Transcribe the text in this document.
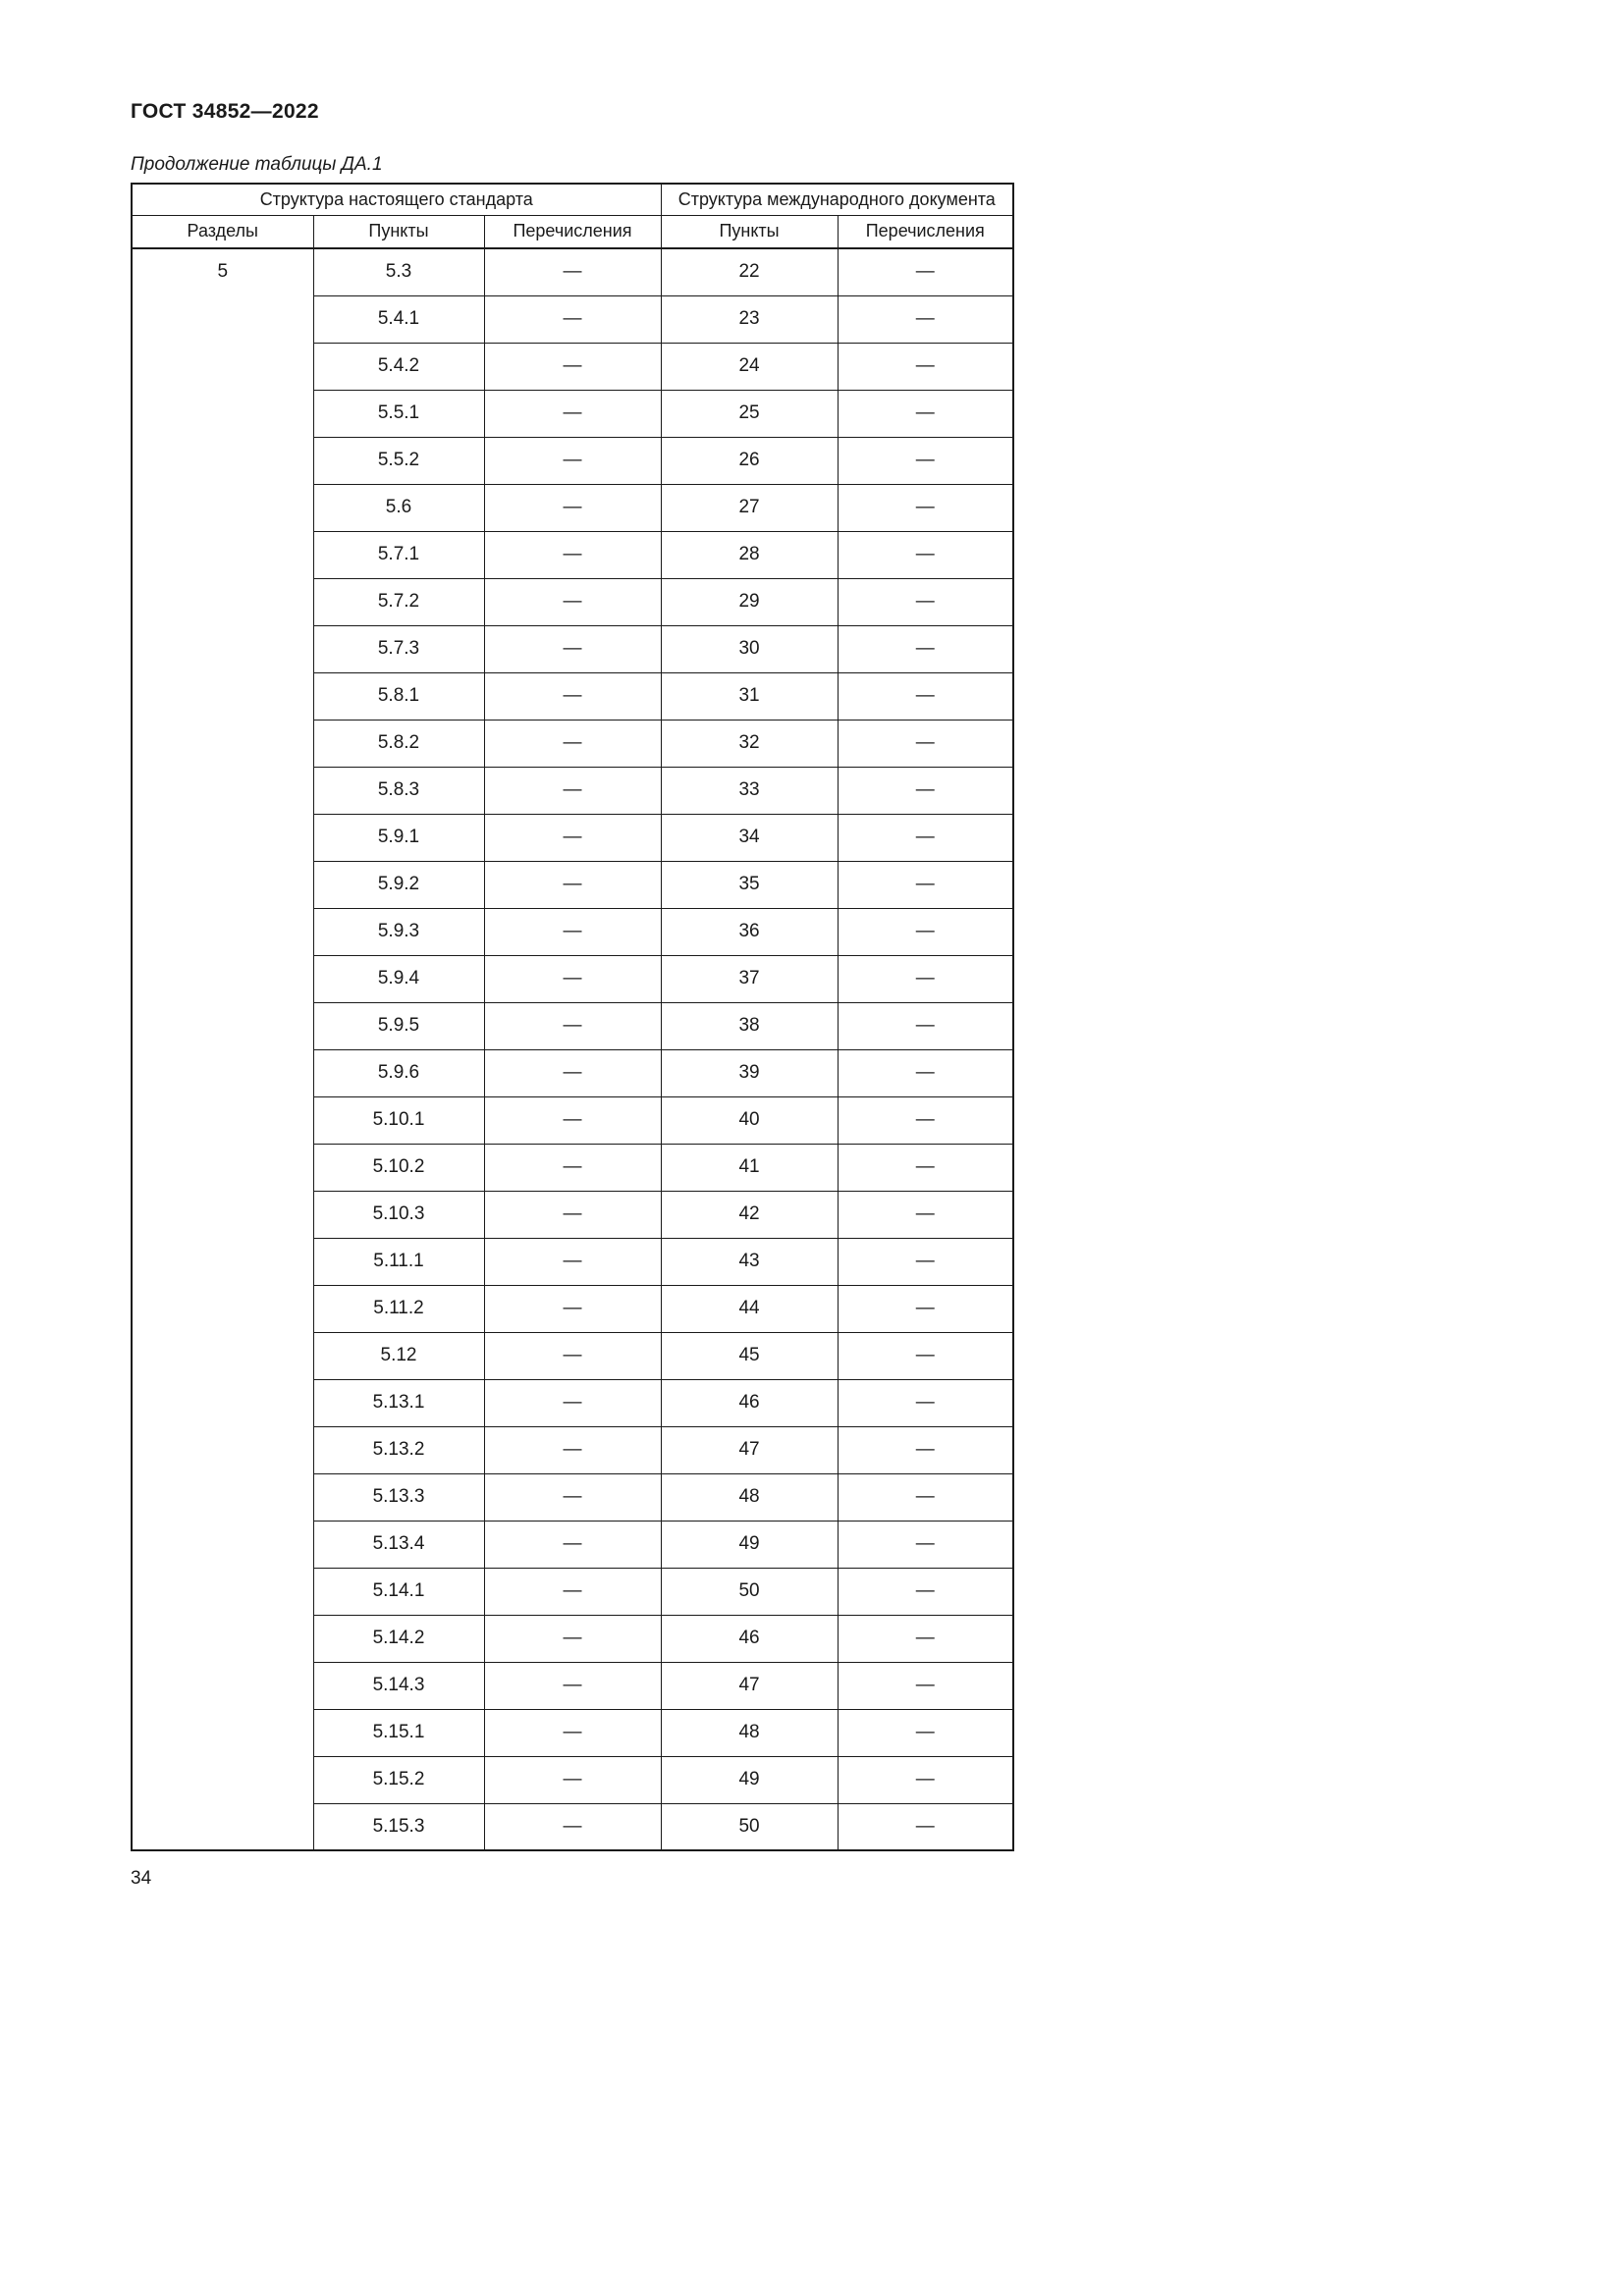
ГОСТ 34852—2022
Продолжение таблицы ДА.1
Структура настоящего стандарта			Структура международного документа	
Разделы	Пункты	Перечисления	Пункты	Перечисления
5	5.3	—	22	—
	5.4.1	—	23	—
	5.4.2	—	24	—
	5.5.1	—	25	—
	5.5.2	—	26	—
	5.6	—	27	—
	5.7.1	—	28	—
	5.7.2	—	29	—
	5.7.3	—	30	—
	5.8.1	—	31	—
	5.8.2	—	32	—
	5.8.3	—	33	—
	5.9.1	—	34	—
	5.9.2	—	35	—
	5.9.3	—	36	—
	5.9.4	—	37	—
	5.9.5	—	38	—
	5.9.6	—	39	—
	5.10.1	—	40	—
	5.10.2	—	41	—
	5.10.3	—	42	—
	5.11.1	—	43	—
	5.11.2	—	44	—
	5.12	—	45	—
	5.13.1	—	46	—
	5.13.2	—	47	—
	5.13.3	—	48	—
	5.13.4	—	49	—
	5.14.1	—	50	—
	5.14.2	—	46	—
	5.14.3	—	47	—
	5.15.1	—	48	—
	5.15.2	—	49	—
	5.15.3	—	50	—
34
